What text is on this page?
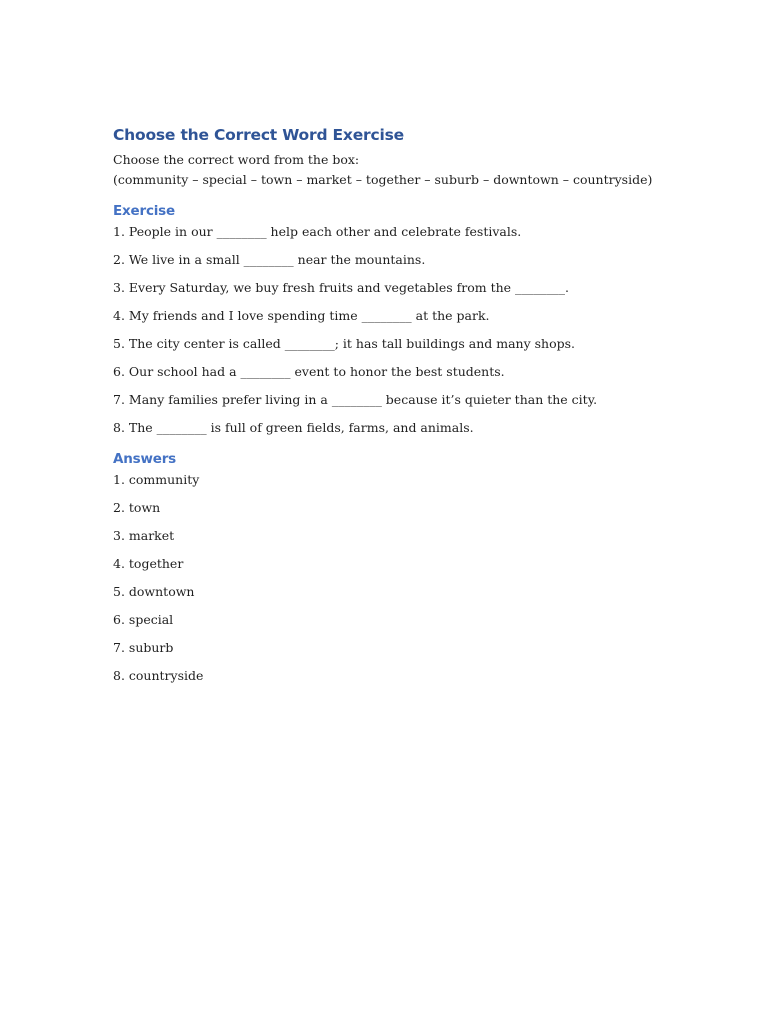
Choose the Correct Word Exercise
Choose the correct word from the box:
(community – special – town – market – together – suburb – downtown – countryside)
Exercise
1. People in our ________ help each other and celebrate festivals.
2. We live in a small ________ near the mountains.
3. Every Saturday, we buy fresh fruits and vegetables from the ________.
4. My friends and I love spending time ________ at the park.
5. The city center is called ________; it has tall buildings and many shops.
6. Our school had a ________ event to honor the best students.
7. Many families prefer living in a ________ because it’s quieter than the city.
8. The ________ is full of green fields, farms, and animals.
Answers
1. community
2. town
3. market
4. together
5. downtown
6. special
7. suburb
8. countryside
